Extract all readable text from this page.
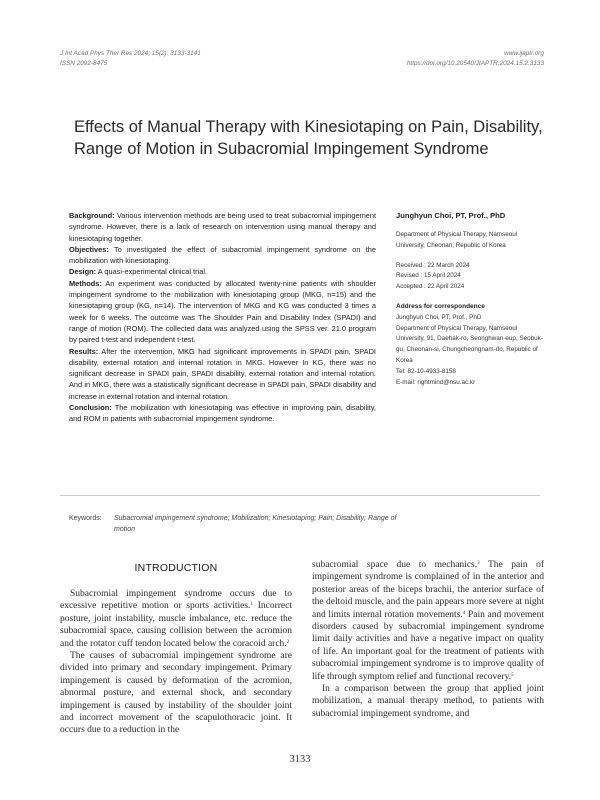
J Int Acad Phys Ther Res 2024; 15(2): 3133-3141
ISSN 2092-8475
www.ijaptr.org
https://doi.org/10.20540/JIAPTR.2024.15.2.3133
Effects of Manual Therapy with Kinesiotaping on Pain, Disability, Range of Motion in Subacromial Impingement Syndrome

Background: Various intervention methods are being used to treat subacromial impingement syndrome. However, there is a lack of research on intervention using manual therapy and kinesiotaping together.

Objectives: To investigated the effect of subacromial impingement syndrome on the mobilization with kinesiotaping.

Design: A quasi-experimental clinical trial.

Methods: An experiment was conducted by allocated twenty-nine patients with shoulder impingement syndrome to the mobilization with kinesiotaping group (MKG, n=15) and the kinesiotaping group (KG, n=14). The intervention of MKG and KG was conducted 3 times a week for 6 weeks. The outcome was The Shoulder Pain and Disability Index (SPADI) and range of motion (ROM). The collected data was analyzed using the SPSS ver. 21.0 program by paired t-test and independent t-test.

Results: After the intervention, MKG had significant improvements in SPADI pain, SPADI disability, external rotation and internal rotation in MKG. However In KG, there was no significant decrease in SPADI pain, SPADI disability, external rotation and internal rotation. And in MKG, there was a statistically significant decrease in SPADI pain, SPADI disability and increase in external rotation and internal rotation.

Conclusion: The mobilization with kinesiotaping was effective in improving pain, disability, and ROM in patients with subacromial impingement syndrome.

Junghyun Choi, PT, Prof., PhD
Department of Physical Therapy, Namseoul University, Cheonan, Republic of Korea
Received : 22 March 2024
Revised : 15 April 2024
Accepted : 22 April 2024
Address for correspondence
Junghyun Choi, PT, Prof., PhD
Department of Physical Therapy, Namseoul University, 91, Daehak-ro, Seonghwan-eup, Seobuk-gu, Cheonan-si, Chungcheongnam-do, Republic of Korea
Tel: 82-10-4933-8158
E-mail: rightmind@nsu.ac.kr
Keywords:	Subacromial impingement syndrome; Mobilization; Kinesiotaping; Pain; Disability; Range of motion
INTRODUCTION

Subacromial impingement syndrome occurs due to excessive repetitive motion or sports activities.$^1$ Incorrect posture, joint instability, muscle imbalance, etc. reduce the subacromial space, causing collision between the acromion and the rotator cuff tendon located below the coracoid arch.$^2$

The causes of subacromial impingement syndrome are divided into primary and secondary impingement. Primary impingement is caused by deformation of the acromion, abnormal posture, and external shock, and secondary impingement is caused by instability of the shoulder joint and incorrect movement of the scapulothoracic joint. It occurs due to a reduction in the

subacromial space due to mechanics.$^3$ The pain of impingement syndrome is complained of in the anterior and posterior areas of the biceps brachii, the anterior surface of the deltoid muscle, and the pain appears more severe at night and limits internal rotation movements.$^4$ Pain and movement disorders caused by subacromial impingement syndrome limit daily activities and have a negative impact on quality of life. An important goal for the treatment of patients with subacromial impingement syndrome is to improve quality of life through symptom relief and functional recovery.$^5$

In a comparison between the group that applied joint mobilization, a manual therapy method, to patients with subacromial impingement syndrome, and

3133
